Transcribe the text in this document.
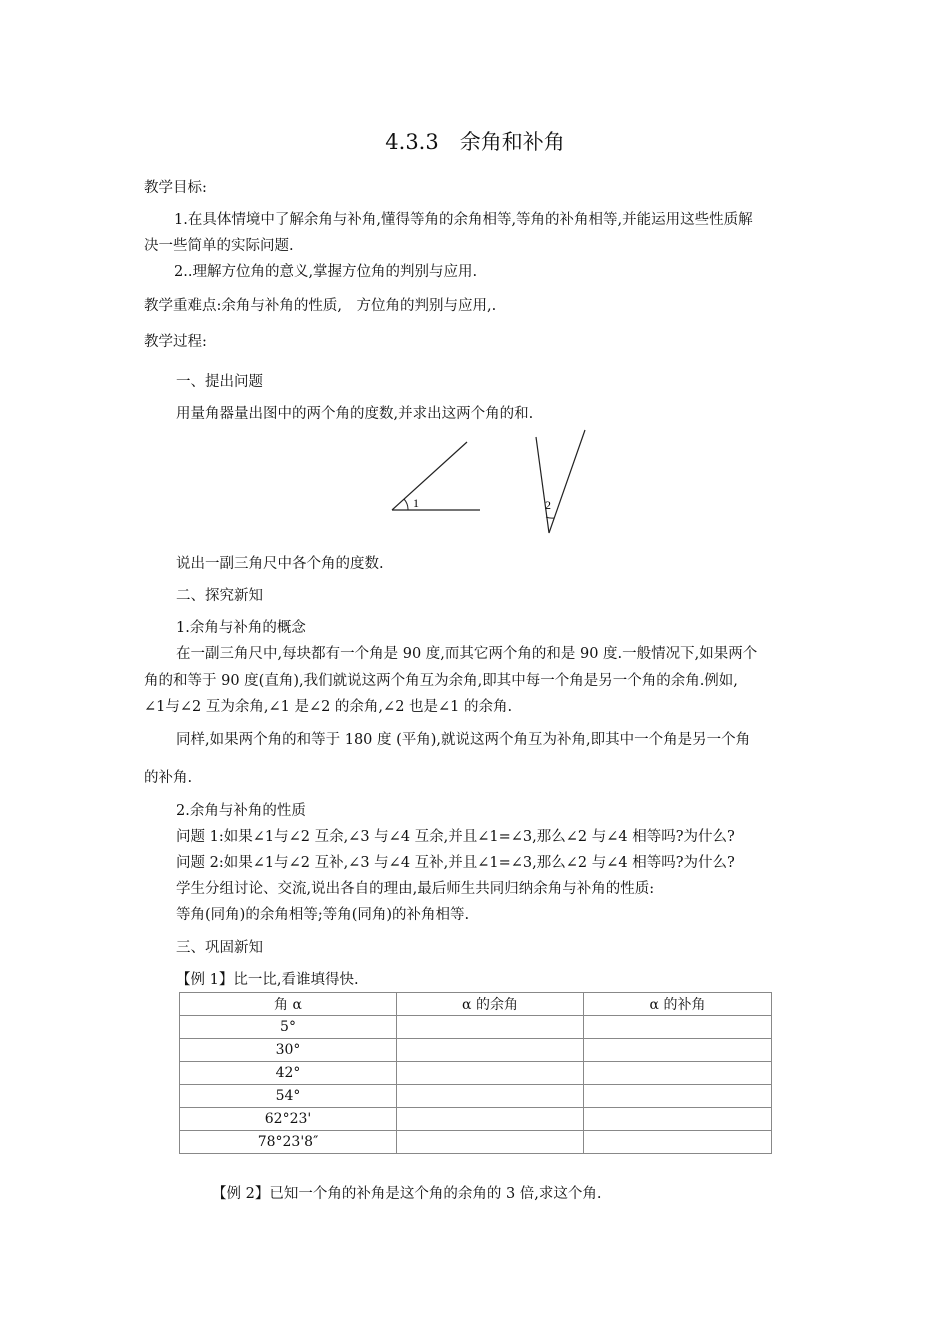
4.3.3　余角和补角
教学目标:
1.在具体情境中了解余角与补角,懂得等角的余角相等,等角的补角相等,并能运用这些性质解
决一些简单的实际问题.
2..理解方位角的意义,掌握方位角的判别与应用.
教学重难点:余角与补角的性质,　方位角的判别与应用,.
教学过程:
一、提出问题
用量角器量出图中的两个角的度数,并求出这两个角的和.
1	2
说出一副三角尺中各个角的度数.
二、探究新知
1.余角与补角的概念
在一副三角尺中,每块都有一个角是 90 度,而其它两个角的和是 90 度.一般情况下,如果两个
角的和等于 90 度(直角),我们就说这两个角互为余角,即其中每一个角是另一个角的余角.例如,
∠1与∠2 互为余角,∠1 是∠2 的余角,∠2 也是∠1 的余角.
同样,如果两个角的和等于 180 度 (平角),就说这两个角互为补角,即其中一个角是另一个角
的补角.
2.余角与补角的性质
问题 1:如果∠1与∠2 互余,∠3 与∠4 互余,并且∠1=∠3,那么∠2 与∠4 相等吗?为什么?
问题 2:如果∠1与∠2 互补,∠3 与∠4 互补,并且∠1=∠3,那么∠2 与∠4 相等吗?为什么?
学生分组讨论、交流,说出各自的理由,最后师生共同归纳余角与补角的性质:
等角(同角)的余角相等;等角(同角)的补角相等.
三、巩固新知
【例 1】比一比,看谁填得快.
角 α	α 的余角	α 的补角
5°		
30°		
42°		
54°		
62°23'		
78°23'8″		
【例 2】已知一个角的补角是这个角的余角的 3 倍,求这个角.
